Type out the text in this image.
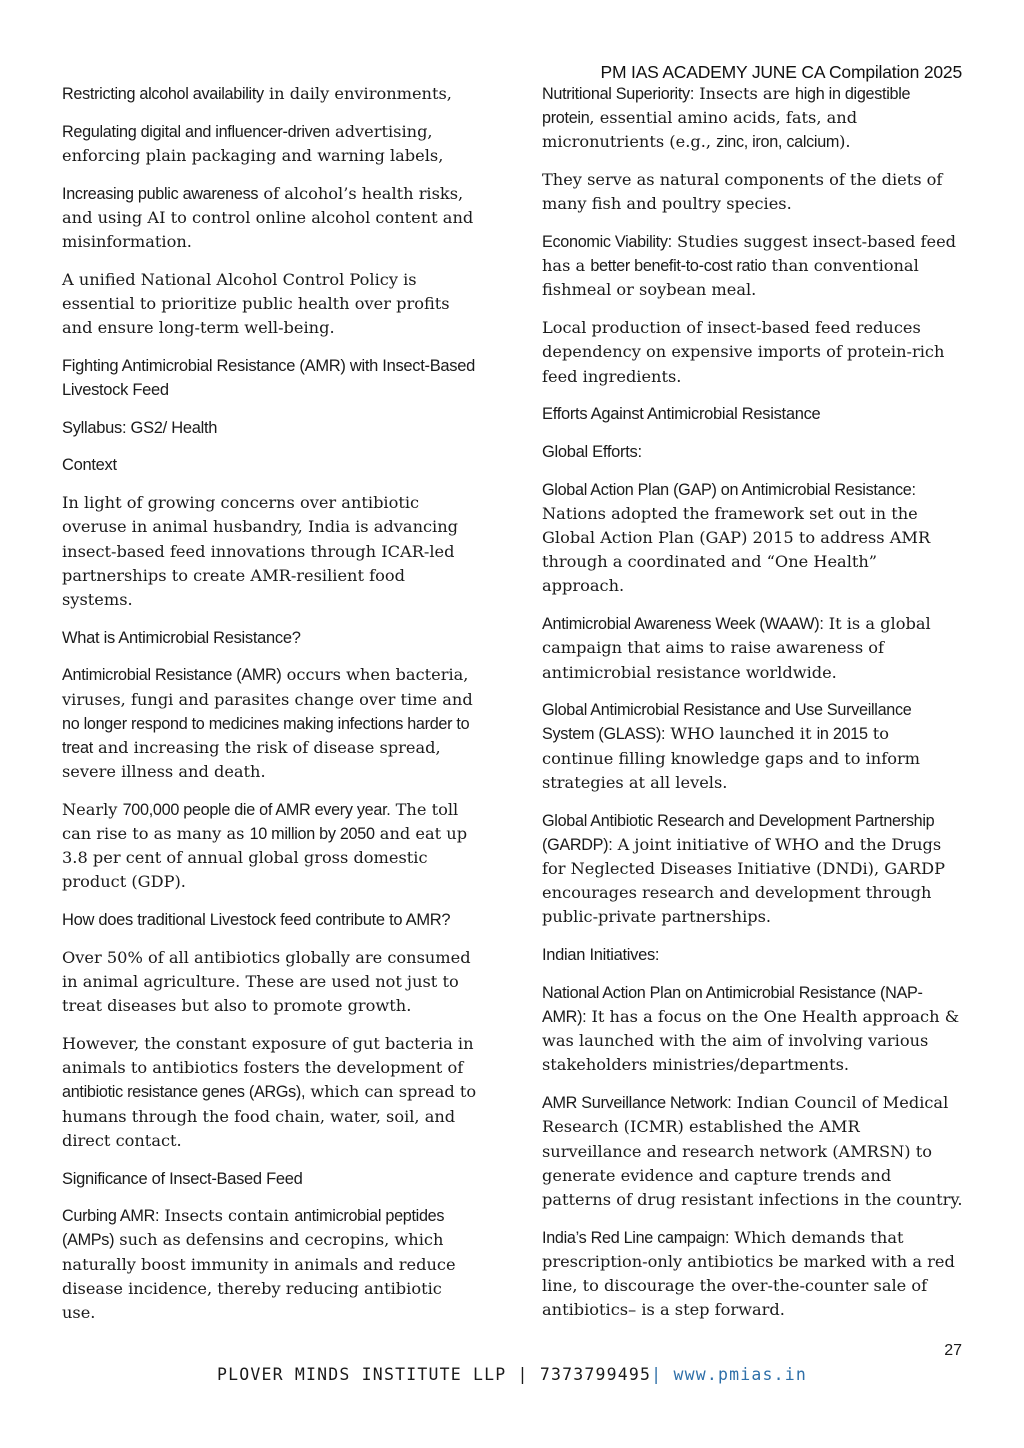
PM IAS ACADEMY JUNE CA Compilation 2025

Restricting alcohol availability in daily environments,

Regulating digital and influencer-driven advertising, enforcing plain packaging and warning labels,

Increasing public awareness of alcohol’s health risks, and using AI to control online alcohol content and misinformation.

A unified National Alcohol Control Policy is essential to prioritize public health over profits and ensure long-term well-being.

Fighting Antimicrobial Resistance (AMR) with Insect-Based Livestock Feed

Syllabus: GS2/ Health

Context

In light of growing concerns over antibiotic overuse in animal husbandry, India is advancing insect-based feed innovations through ICAR-led partnerships to create AMR-resilient food systems.

What is Antimicrobial Resistance?

Antimicrobial Resistance (AMR) occurs when bacteria, viruses, fungi and parasites change over time and no longer respond to medicines making infections harder to treat and increasing the risk of disease spread, severe illness and death.

Nearly 700,000 people die of AMR every year. The toll can rise to as many as 10 million by 2050 and eat up 3.8 per cent of annual global gross domestic product (GDP).

How does traditional Livestock feed contribute to AMR?

Over 50% of all antibiotics globally are consumed in animal agriculture. These are used not just to treat diseases but also to promote growth.

However, the constant exposure of gut bacteria in animals to antibiotics fosters the development of antibiotic resistance genes (ARGs), which can spread to humans through the food chain, water, soil, and direct contact.

Significance of Insect-Based Feed

Curbing AMR: Insects contain antimicrobial peptides (AMPs) such as defensins and cecropins, which naturally boost immunity in animals and reduce disease incidence, thereby reducing antibiotic use.

Nutritional Superiority: Insects are high in digestible protein, essential amino acids, fats, and micronutrients (e.g., zinc, iron, calcium).

They serve as natural components of the diets of many fish and poultry species.

Economic Viability: Studies suggest insect-based feed has a better benefit-to-cost ratio than conventional fishmeal or soybean meal.

Local production of insect-based feed reduces dependency on expensive imports of protein-rich feed ingredients.

Efforts Against Antimicrobial Resistance

Global Efforts:

Global Action Plan (GAP) on Antimicrobial Resistance: Nations adopted the framework set out in the Global Action Plan (GAP) 2015 to address AMR through a coordinated and “One Health” approach.

Antimicrobial Awareness Week (WAAW): It is a global campaign that aims to raise awareness of antimicrobial resistance worldwide.

Global Antimicrobial Resistance and Use Surveillance System (GLASS): WHO launched it in 2015 to continue filling knowledge gaps and to inform strategies at all levels.

Global Antibiotic Research and Development Partnership (GARDP): A joint initiative of WHO and the Drugs for Neglected Diseases Initiative (DNDi), GARDP encourages research and development through public-private partnerships.

Indian Initiatives:

National Action Plan on Antimicrobial Resistance (NAP-AMR): It has a focus on the One Health approach & was launched with the aim of involving various stakeholders ministries/departments.

AMR Surveillance Network: Indian Council of Medical Research (ICMR) established the AMR surveillance and research network (AMRSN) to generate evidence and capture trends and patterns of drug resistant infections in the country.

India’s Red Line campaign: Which demands that prescription-only antibiotics be marked with a red line, to discourage the over-the-counter sale of antibiotics– is a step forward.

27
PLOVER MINDS INSTITUTE LLP | 7373799495| www.pmias.in
